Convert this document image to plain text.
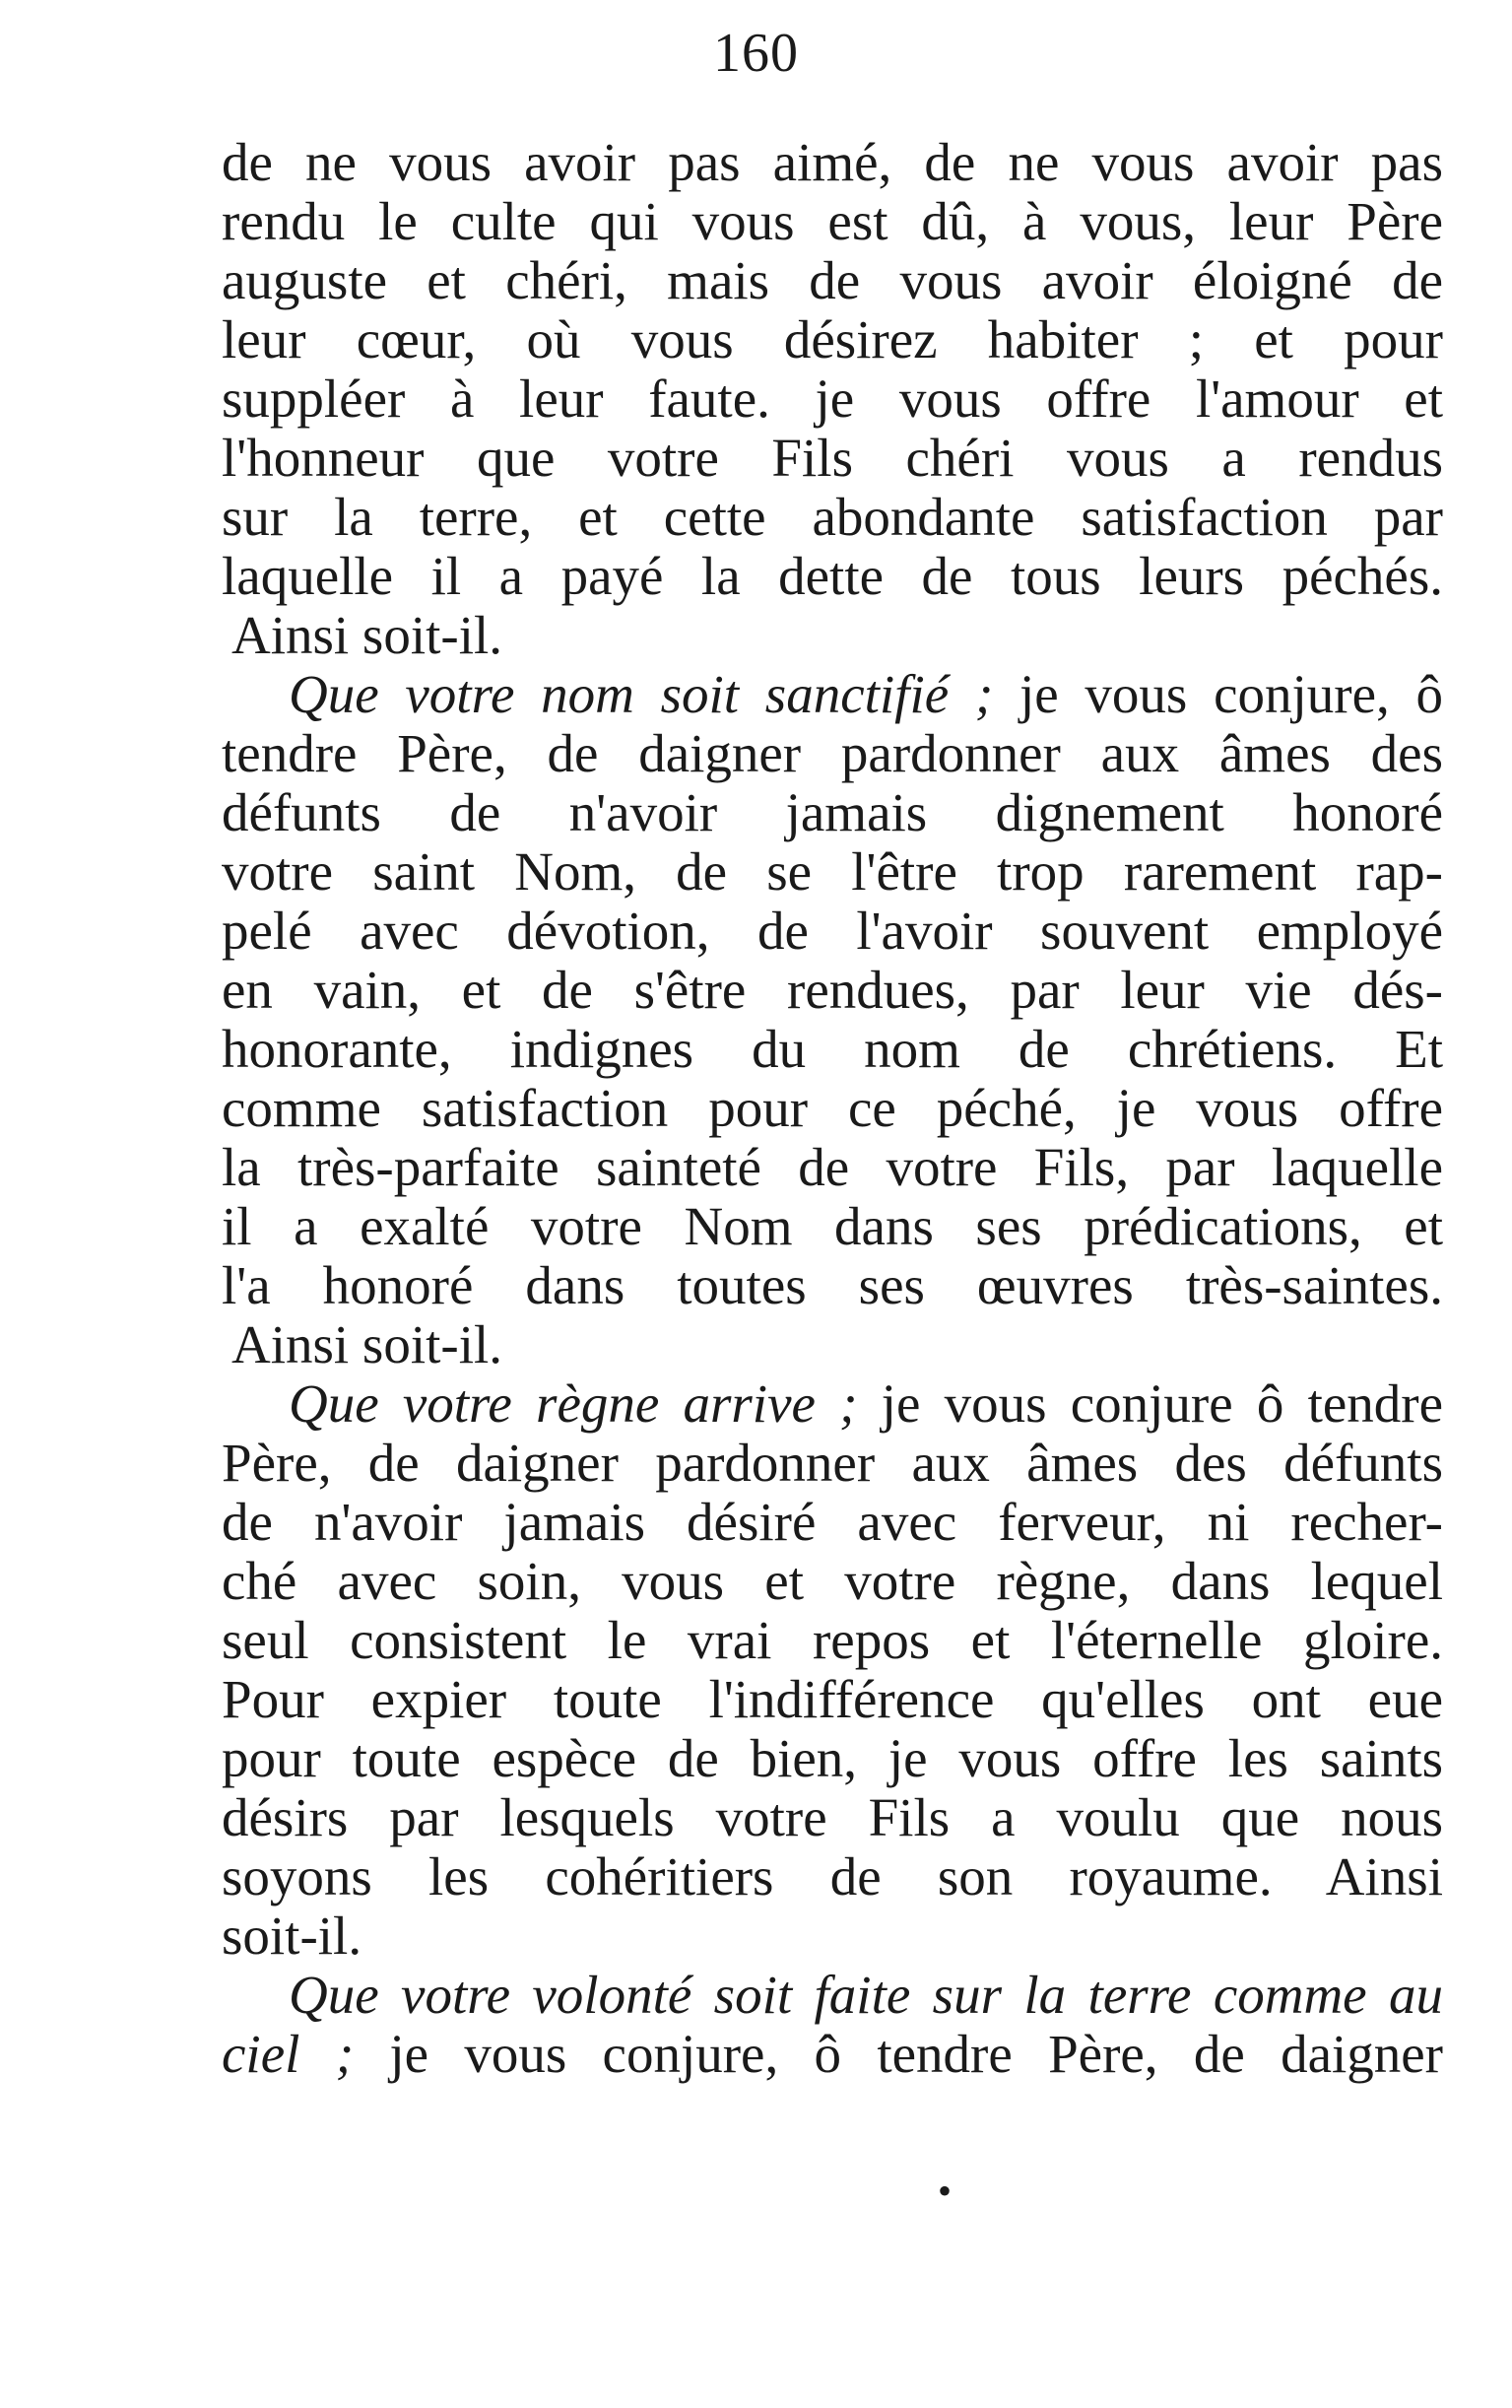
160
de ne vous avoir pas aimé, de ne vous avoir pas
rendu le culte qui vous est dû, à vous, leur Père
auguste et chéri, mais de vous avoir éloigné de
leur cœur, où vous désirez habiter ; et pour
suppléer à leur faute. je vous offre l'amour et
l'honneur que votre Fils chéri vous a rendus
sur la terre, et cette abondante satisfaction par
laquelle il a payé la dette de tous leurs péchés.
Ainsi soit-il.
Que votre nom soit sanctifié ; je vous conjure, ô
tendre Père, de daigner pardonner aux âmes des
défunts de n'avoir jamais dignement honoré
votre saint Nom, de se l'être trop rarement rap-
pelé avec dévotion, de l'avoir souvent employé
en vain, et de s'être rendues, par leur vie dés-
honorante, indignes du nom de chrétiens. Et
comme satisfaction pour ce péché, je vous offre
la très-parfaite sainteté de votre Fils, par laquelle
il a exalté votre Nom dans ses prédications, et
l'a honoré dans toutes ses œuvres très-saintes.
Ainsi soit-il.
Que votre règne arrive ; je vous conjure ô tendre
Père, de daigner pardonner aux âmes des défunts
de n'avoir jamais désiré avec ferveur, ni recher-
ché avec soin, vous et votre règne, dans lequel
seul consistent le vrai repos et l'éternelle gloire.
Pour expier toute l'indifférence qu'elles ont eue
pour toute espèce de bien, je vous offre les saints
désirs par lesquels votre Fils a voulu que nous
soyons les cohéritiers de son royaume. Ainsi
soit-il.
Que votre volonté soit faite sur la terre comme au
ciel ; je vous conjure, ô tendre Père, de daigner
•
